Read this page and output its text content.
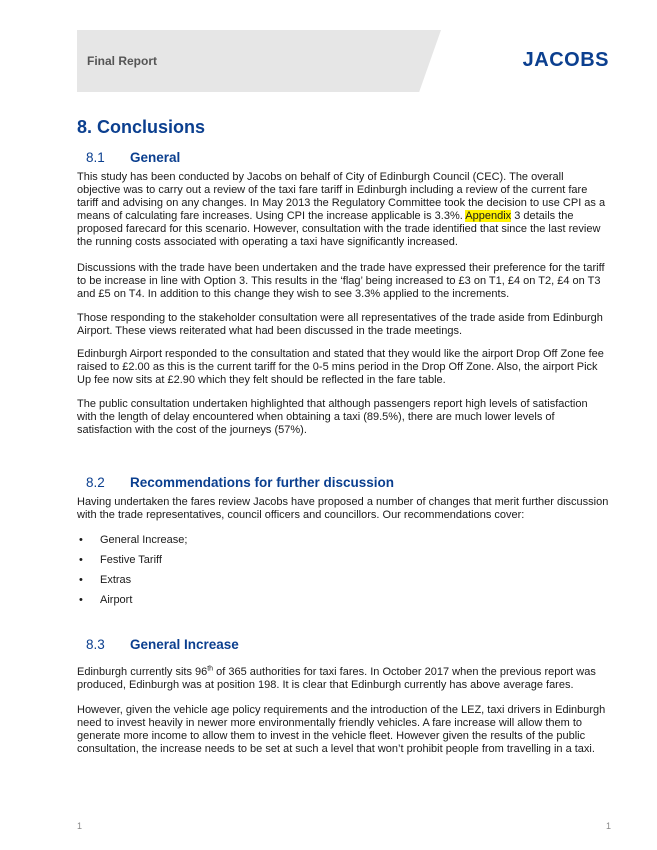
Final Report	JACOBS
8. Conclusions
8.1 General

This study has been conducted by Jacobs on behalf of City of Edinburgh Council (CEC). The overall objective was to carry out a review of the taxi fare tariff in Edinburgh including a review of the current fare tariff and advising on any changes. In May 2013 the Regulatory Committee took the decision to use CPI as a means of calculating fare increases. Using CPI the increase applicable is 3.3%. Appendix 3 details the proposed farecard for this scenario. However, consultation with the trade identified that since the last review the running costs associated with operating a taxi have significantly increased.

Discussions with the trade have been undertaken and the trade have expressed their preference for the tariff to be increase in line with Option 3. This results in the ‘flag’ being increased to £3 on T1, £4 on T2, £4 on T3 and £5 on T4. In addition to this change they wish to see 3.3% applied to the increments.

Those responding to the stakeholder consultation were all representatives of the trade aside from Edinburgh Airport. These views reiterated what had been discussed in the trade meetings.

Edinburgh Airport responded to the consultation and stated that they would like the airport Drop Off Zone fee raised to £2.00 as this is the current tariff for the 0-5 mins period in the Drop Off Zone. Also, the airport Pick Up fee now sits at £2.90 which they felt should be reflected in the fare table.

The public consultation undertaken highlighted that although passengers report high levels of satisfaction with the length of delay encountered when obtaining a taxi (89.5%), there are much lower levels of satisfaction with the cost of the journeys (57%).

8.2 Recommendations for further discussion

Having undertaken the fares review Jacobs have proposed a number of changes that merit further discussion with the trade representatives, council officers and councillors. Our recommendations cover:

• General Increase;
• Festive Tariff
• Extras
• Airport
8.3 General Increase

Edinburgh currently sits 96th of 365 authorities for taxi fares. In October 2017 when the previous report was produced, Edinburgh was at position 198. It is clear that Edinburgh currently has above average fares.

However, given the vehicle age policy requirements and the introduction of the LEZ, taxi drivers in Edinburgh need to invest heavily in newer more environmentally friendly vehicles. A fare increase will allow them to generate more income to allow them to invest in the vehicle fleet. However given the results of the public consultation, the increase needs to be set at such a level that won’t prohibit people from travelling in a taxi.

1	1
